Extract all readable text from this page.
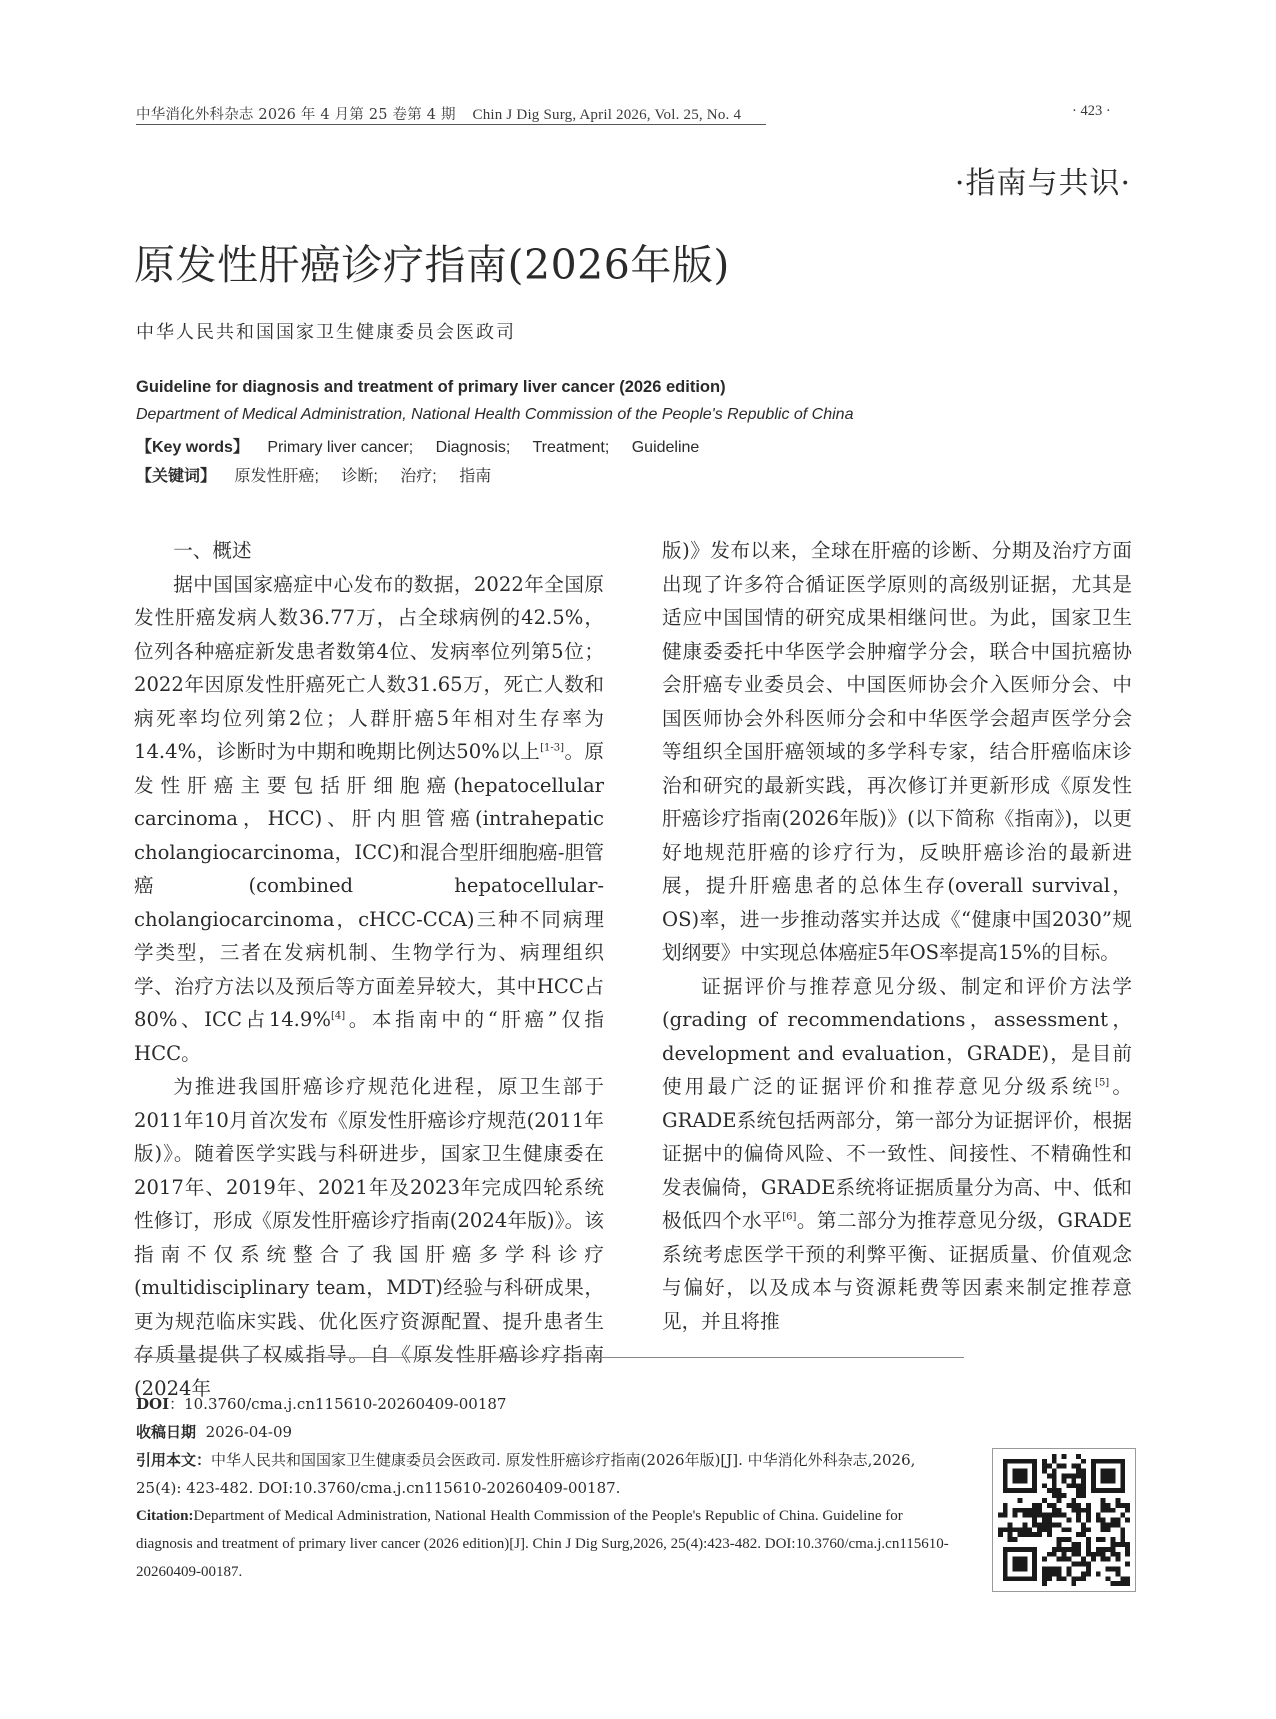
中华消化外科杂志 2026 年 4 月第 25 卷第 4 期 Chin J Dig Surg, April 2026, Vol. 25, No. 4	· 423 ·
·指南与共识·
原发性肝癌诊疗指南(2026年版)
中华人民共和国国家卫生健康委员会医政司
Guideline for diagnosis and treatment of primary liver cancer (2026 edition)
Department of Medical Administration, National Health Commission of the People's Republic of China
【Key words】 Primary liver cancer; Diagnosis; Treatment; Guideline
【关键词】 原发性肝癌; 诊断; 治疗; 指南

一、概述

据中国国家癌症中心发布的数据，2022年全国原发性肝癌发病人数36.77万，占全球病例的42.5%，位列各种癌症新发患者数第4位、发病率位列第5位；2022年因原发性肝癌死亡人数31.65万，死亡人数和病死率均位列第2位；人群肝癌5年相对生存率为14.4%，诊断时为中期和晚期比例达50%以上[1-3]。原发性肝癌主要包括肝细胞癌(hepatocellular carcinoma，HCC)、肝内胆管癌(intrahepatic cholangiocarcinoma，ICC)和混合型肝细胞癌-胆管癌(combined hepatocellular-cholangiocarcinoma，cHCC-CCA)三种不同病理学类型，三者在发病机制、生物学行为、病理组织学、治疗方法以及预后等方面差异较大，其中HCC占80%、ICC占14.9%[4]。本指南中的“肝癌”仅指HCC。

为推进我国肝癌诊疗规范化进程，原卫生部于2011年10月首次发布《原发性肝癌诊疗规范(2011年版)》。随着医学实践与科研进步，国家卫生健康委在2017年、2019年、2021年及2023年完成四轮系统性修订，形成《原发性肝癌诊疗指南(2024年版)》。该指南不仅系统整合了我国肝癌多学科诊疗(multidisciplinary team，MDT)经验与科研成果，更为规范临床实践、优化医疗资源配置、提升患者生存质量提供了权威指导。自《原发性肝癌诊疗指南(2024年

版)》发布以来，全球在肝癌的诊断、分期及治疗方面出现了许多符合循证医学原则的高级别证据，尤其是适应中国国情的研究成果相继问世。为此，国家卫生健康委委托中华医学会肿瘤学分会，联合中国抗癌协会肝癌专业委员会、中国医师协会介入医师分会、中国医师协会外科医师分会和中华医学会超声医学分会等组织全国肝癌领域的多学科专家，结合肝癌临床诊治和研究的最新实践，再次修订并更新形成《原发性肝癌诊疗指南(2026年版)》(以下简称《指南》)，以更好地规范肝癌的诊疗行为，反映肝癌诊治的最新进展，提升肝癌患者的总体生存(overall survival，OS)率，进一步推动落实并达成《“健康中国2030”规划纲要》中实现总体癌症5年OS率提高15%的目标。

证据评价与推荐意见分级、制定和评价方法学(grading of recommendations，assessment，development and evaluation，GRADE)，是目前使用最广泛的证据评价和推荐意见分级系统[5]。GRADE系统包括两部分，第一部分为证据评价，根据证据中的偏倚风险、不一致性、间接性、不精确性和发表偏倚，GRADE系统将证据质量分为高、中、低和极低四个水平[6]。第二部分为推荐意见分级，GRADE系统考虑医学干预的利弊平衡、证据质量、价值观念与偏好，以及成本与资源耗费等因素来制定推荐意见，并且将推

DOI：10.3760/cma.j.cn115610-20260409-00187
收稿日期 2026-04-09
引用本文：中华人民共和国国家卫生健康委员会医政司. 原发性肝癌诊疗指南(2026年版)[J]. 中华消化外科杂志,2026, 25(4): 423-482. DOI:10.3760/cma.j.cn115610-20260409-00187.
Citation:Department of Medical Administration, National Health Commission of the People's Republic of China. Guideline for diagnosis and treatment of primary liver cancer (2026 edition)[J]. Chin J Dig Surg,2026, 25(4):423-482. DOI:10.3760/cma.j.cn115610-20260409-00187.
